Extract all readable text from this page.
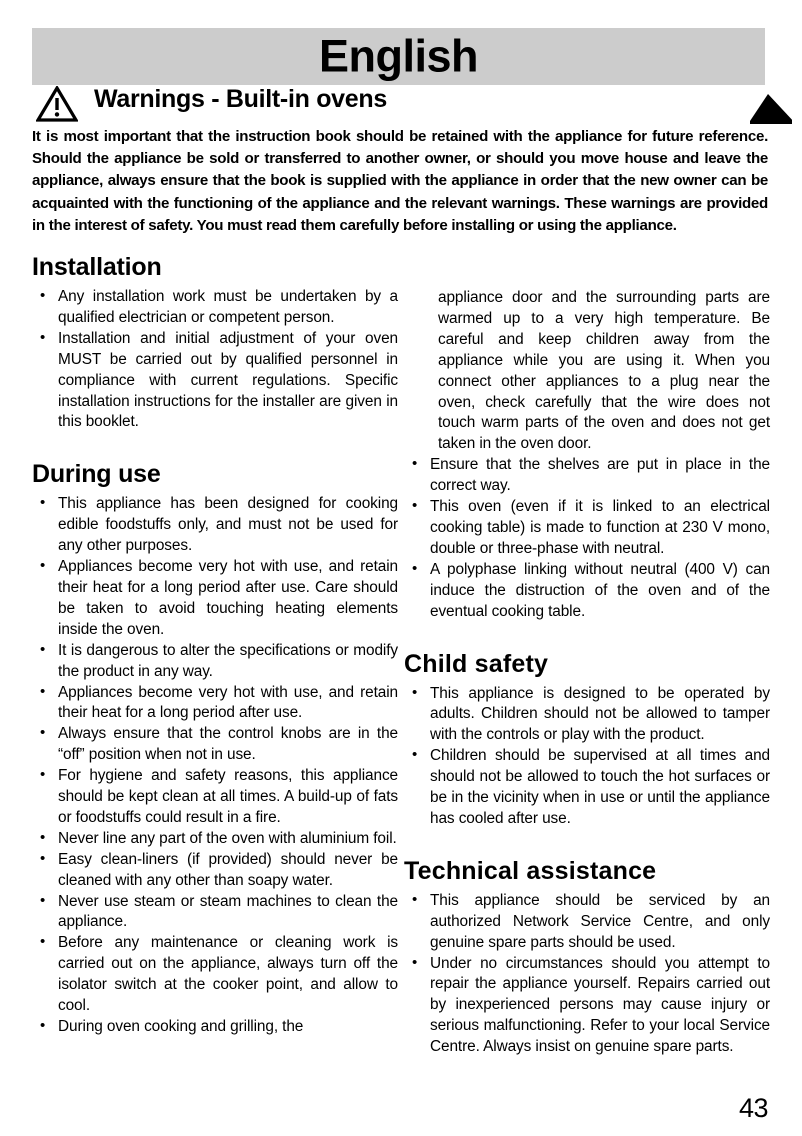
English
Warnings - Built-in ovens
It is most important that the instruction book should be retained with the appliance for future reference. Should the appliance be sold or transferred to another owner, or should you move house and leave the appliance, always ensure that the book is supplied with the appliance in order that the new owner can be acquainted with the functioning of the appliance and the relevant warnings. These warnings are provided in the interest of safety. You must read them carefully before installing or using the appliance.
Installation
• Any installation work must be undertaken by a qualified electrician or competent person.
• Installation and initial adjustment of your oven MUST be carried out by qualified personnel in compliance with current regulations. Specific installation instructions for the installer are given in this booklet.
During use
• This appliance has been designed for cooking edible foodstuffs only, and must not be used for any other purposes.
• Appliances become very hot with use, and retain their heat for a long period after use. Care should be taken to avoid touching heating elements inside the oven.
• It is dangerous to alter the specifications or modify the product in any way.
• Appliances become very hot with use, and retain their heat for a long period after use.
• Always ensure that the control knobs are in the “off” position when not in use.
• For hygiene and safety reasons, this appliance should be kept clean at all times. A build-up of fats or foodstuffs could result in a fire.
• Never line any part of the oven with aluminium foil.
• Easy clean-liners (if provided) should never be cleaned with any other than soapy water.
• Never use steam or steam machines to clean the appliance.
• Before any maintenance or cleaning work is carried out on the appliance, always turn off the isolator switch at the cooker point, and allow to cool.
• During oven cooking and grilling, the

appliance door and the surrounding parts are warmed up to a very high temperature. Be careful and keep children away from the appliance while you are using it. When you connect other appliances to a plug near the oven, check carefully that the wire does not touch warm parts of the oven and does not get taken in the oven door.

• Ensure that the shelves are put in place in the correct way.
• This oven (even if it is linked to an electrical cooking table) is made to function at 230 V mono, double or three-phase with neutral.
• A polyphase linking without neutral (400 V) can induce the distruction of the oven and of the eventual cooking table.
Child safety
• This appliance is designed to be operated by adults. Children should not be allowed to tamper with the controls or play with the product.
• Children should be supervised at all times and should not be allowed to touch the hot surfaces or be in the vicinity when in use or until the appliance has cooled after use.
Technical assistance
• This appliance should be serviced by an authorized Network Service Centre, and only genuine spare parts should be used.
• Under no circumstances should you attempt to repair the appliance yourself. Repairs carried out by inexperienced persons may cause injury or serious malfunctioning. Refer to your local Service Centre. Always insist on genuine spare parts.
43
